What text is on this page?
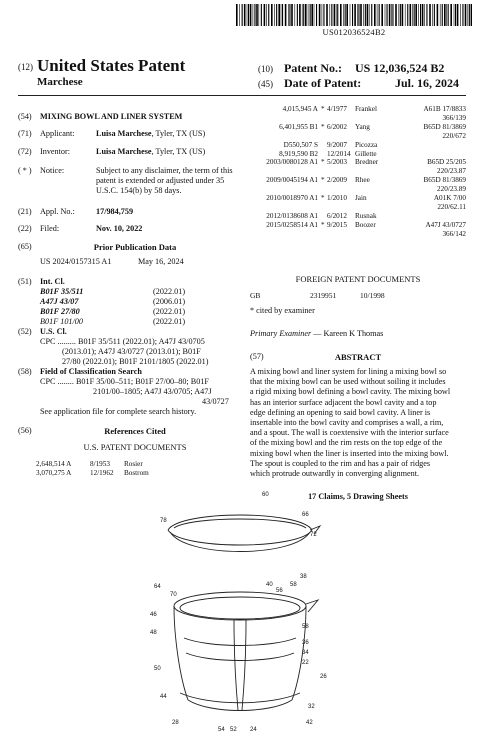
US012036524B2
(12) United States Patent
Marchese
(10) Patent No.: US 12,036,524 B2
(45) Date of Patent:	Jul. 16, 2024
(54) MIXING BOWL AND LINER SYSTEM
(71) Applicant:	Luisa Marchese, Tyler, TX (US)
(72) Inventor:	Luisa Marchese, Tyler, TX (US)
( * ) Notice:	Subject to any disclaimer, the term of this
patent is extended or adjusted under 35
U.S.C. 154(b) by 58 days.
(21) Appl. No.:	17/984,759
(22) Filed:	Nov. 10, 2022
(65)	Prior Publication Data
US 2024/0157315 A1	May 16, 2024
(51) Int. Cl.
B01F 35/511	(2022.01)
A47J 43/07	(2006.01)
B01F 27/80	(2022.01)
B01F 101/00	(2022.01)
(52) U.S. Cl.
CPC ......... B01F 35/511 (2022.01); A47J 43/0705
(2013.01); A47J 43/0727 (2013.01); B01F
27/80 (2022.01); B01F 2101/1805 (2022.01)
(58) Field of Classification Search
CPC ........ B01F 35/00–511; B01F 27/00–80; B01F
2101/00–1805; A47J 43/0705; A47J
43/0727
See application file for complete search history.
(56)	References Cited
U.S. PATENT DOCUMENTS
2,648,514 A	8/1953 Rosier
3,070,275 A	12/1962 Bostrom
4,015,945 A * 4/1977 Frankel	A61B 17/8833
366/139
6,401,955 B1 * 6/2002 Yang	B65D 81/3869
220/672
D550,507 S 9/2007 Picozza
8,919,590 B2 12/2014 Gillette
2003/0080128 A1 * 5/2003 Bredner	B65D 25/205
220/23.87
2009/0045194 A1 * 2/2009 Rhee	B65D 81/3869
220/23.89
2010/0018970 A1 * 1/2010 Jain	A01K 7/00
220/62.11
2012/0138608 A1 6/2012 Rusnak
2015/0258514 A1 * 9/2015 Boozer	A47J 43/0727
366/142
FOREIGN PATENT DOCUMENTS
GB	2319951	10/1998
* cited by examiner
Primary Examiner — Kareen K Thomas
(57)	ABSTRACT
A mixing bowl and liner system for lining a mixing bowl so
that the mixing bowl can be used without soiling it includes
a rigid mixing bowl defining a bowl cavity. The mixing bowl
has an interior surface adjacent the bowl cavity and a top
edge defining an opening to said bowl cavity. A liner is
insertable into the bowl cavity and comprises a wall, a rim,
and a spout. The wall is coextensive with the interior surface
of the mixing bowl and the rim rests on the top edge of the
mixing bowl when the liner is inserted into the mixing bowl.
The spout is coupled to the rim and has a pair of ridges
which protrude outwardly in converging alignment.
17 Claims, 5 Drawing Sheets
60
66
78
72
40	58
38
56
64
70
46
48
58
36
34
22
50
44
26
28
32
42
54 52 24
